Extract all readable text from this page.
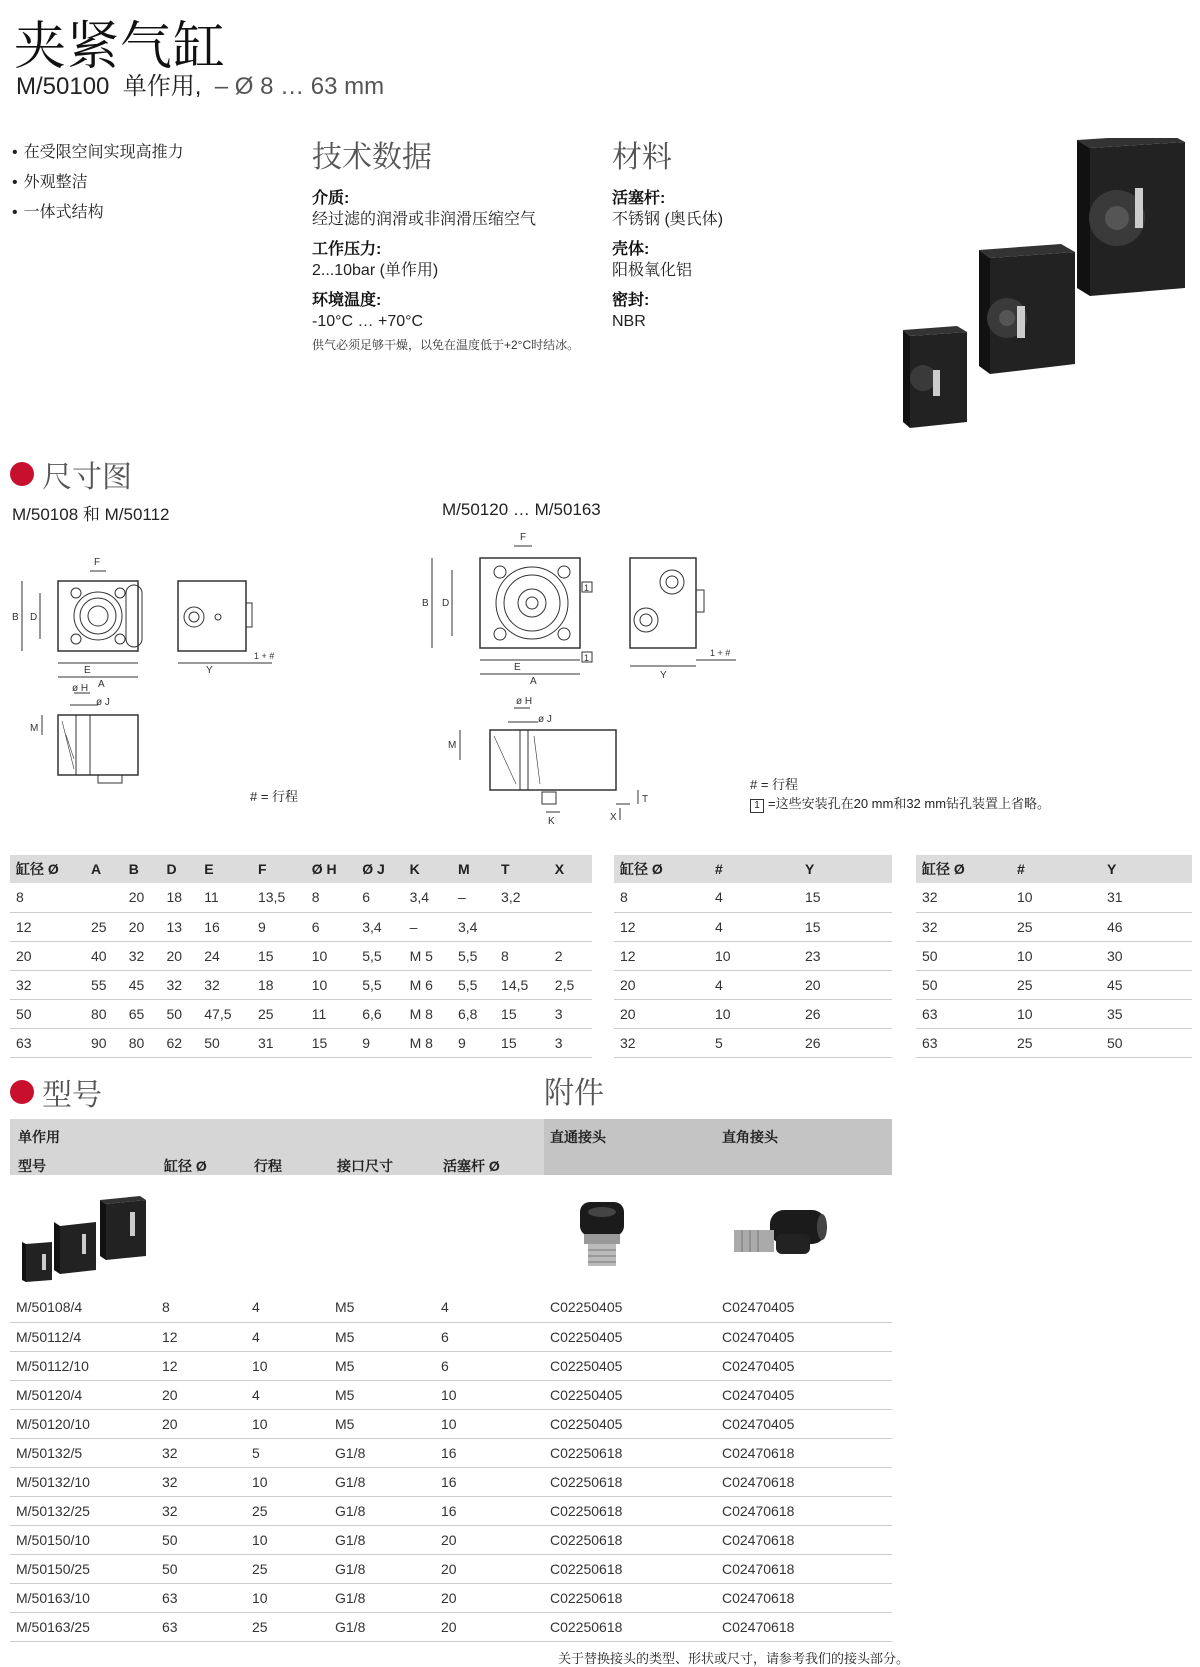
夹紧气缸
M/50100 单作用, – Ø 8 … 63 mm
• 在受限空间实现高推力
• 外观整洁
• 一体式结构
技术数据
介质:
经过滤的润滑或非润滑压缩空气
工作压力:
2...10bar (单作用)
环境温度:
-10°C … +70°C
供气必须足够干燥，以免在温度低于+2°C时结冰。
材料
活塞杆:
不锈钢 (奥氏体)
壳体:
阳极氧化铝
密封:
NBR
尺寸图
M/50108 和 M/50112	M/50120 … M/50163
B D
E
A
F
Y
1 + #
ø H
ø J
M
# = 行程
1
1
B D
E
A
F
Y
1 + #
ø H
ø J
M
T
X
K
# = 行程
1 =这些安装孔在20 mm和32 mm钻孔装置上省略。
缸径 Ø	A	B	D	E	F	Ø H	Ø J	K	M	T	X
8		20	18	11	13,5	8	6	3,4	–	3,2	
12	25	20	13	16	9	6	3,4	–	3,4		
20	40	32	20	24	15	10	5,5	M 5	5,5	8	2
32	55	45	32	32	18	10	5,5	M 6	5,5	14,5	2,5
50	80	65	50	47,5	25	11	6,6	M 8	6,8	15	3
63	90	80	62	50	31	15	9	M 8	9	15	3
缸径 Ø	#	Y
8	4	15
12	4	15
12	10	23
20	4	20
20	10	26
32	5	26
缸径 Ø	#	Y
32	10	31
32	25	46
50	10	30
50	25	45
63	10	35
63	25	50
型号	附件
单作用
型号	缸径 Ø	行程	接口尺寸	活塞杆 Ø
直通接头	直角接头
M/50108/4	8	4	M5	4	C02250405	C02470405
M/50112/4	12	4	M5	6	C02250405	C02470405
M/50112/10	12	10	M5	6	C02250405	C02470405
M/50120/4	20	4	M5	10	C02250405	C02470405
M/50120/10	20	10	M5	10	C02250405	C02470405
M/50132/5	32	5	G1/8	16	C02250618	C02470618
M/50132/10	32	10	G1/8	16	C02250618	C02470618
M/50132/25	32	25	G1/8	16	C02250618	C02470618
M/50150/10	50	10	G1/8	20	C02250618	C02470618
M/50150/25	50	25	G1/8	20	C02250618	C02470618
M/50163/10	63	10	G1/8	20	C02250618	C02470618
M/50163/25	63	25	G1/8	20	C02250618	C02470618
关于替换接头的类型、形状或尺寸，请参考我们的接头部分。
